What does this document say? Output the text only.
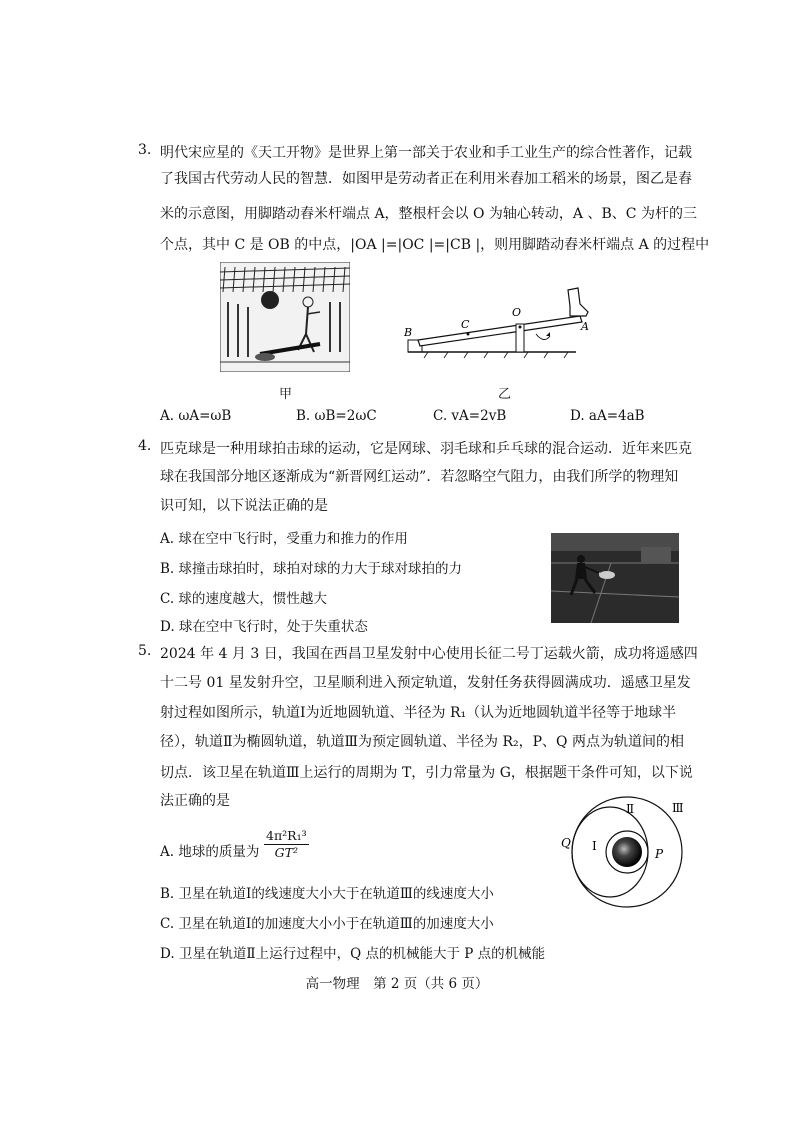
3. 明代宋应星的《天工开物》是世界上第一部关于农业和手工业生产的综合性著作，记载
了我国古代劳动人民的智慧．如图甲是劳动者正在利用米舂加工稻米的场景，图乙是舂
米的示意图，用脚踏动舂米杆端点 A，整根杆会以 O 为轴心转动，A 、B、C 为杆的三
个点，其中 C 是 OB 的中点，|OA |=|OC |=|CB |，则用脚踏动舂米杆端点 A 的过程中
甲
B
C
O
A
乙
A. ωA=ωB	B. ωB=2ωC	C. vA=2vB	D. aA=4aB
4. 匹克球是一种用球拍击球的运动，它是网球、羽毛球和乒乓球的混合运动．近年来匹克
球在我国部分地区逐渐成为“新晋网红运动”．若忽略空气阻力，由我们所学的物理知
识可知，以下说法正确的是
A. 球在空中飞行时，受重力和推力的作用
B. 球撞击球拍时，球拍对球的力大于球对球拍的力
C. 球的速度越大，惯性越大
D. 球在空中飞行时，处于失重状态
5. 2024 年 4 月 3 日，我国在西昌卫星发射中心使用长征二号丁运载火箭，成功将遥感四
十二号 01 星发射升空，卫星顺利进入预定轨道，发射任务获得圆满成功．遥感卫星发
射过程如图所示，轨道Ⅰ为近地圆轨道、半径为 R₁（认为近地圆轨道半径等于地球半
径），轨道Ⅱ为椭圆轨道，轨道Ⅲ为预定圆轨道、半径为 R₂，P、Q 两点为轨道间的相
切点．该卫星在轨道Ⅲ上运行的周期为 T，引力常量为 G，根据题干条件可知，以下说
法正确的是
A. 地球的质量为 $\frac{\text{4π²R₁³}}{\text{GT²}}$
B. 卫星在轨道Ⅰ的线速度大小大于在轨道Ⅲ的线速度大小
C. 卫星在轨道Ⅰ的加速度大小小于在轨道Ⅲ的加速度大小
D. 卫星在轨道Ⅱ上运行过程中，Q 点的机械能大于 P 点的机械能
Ⅰ
Ⅱ	Ⅲ
Q
P
高一物理　第 2 页（共 6 页）
